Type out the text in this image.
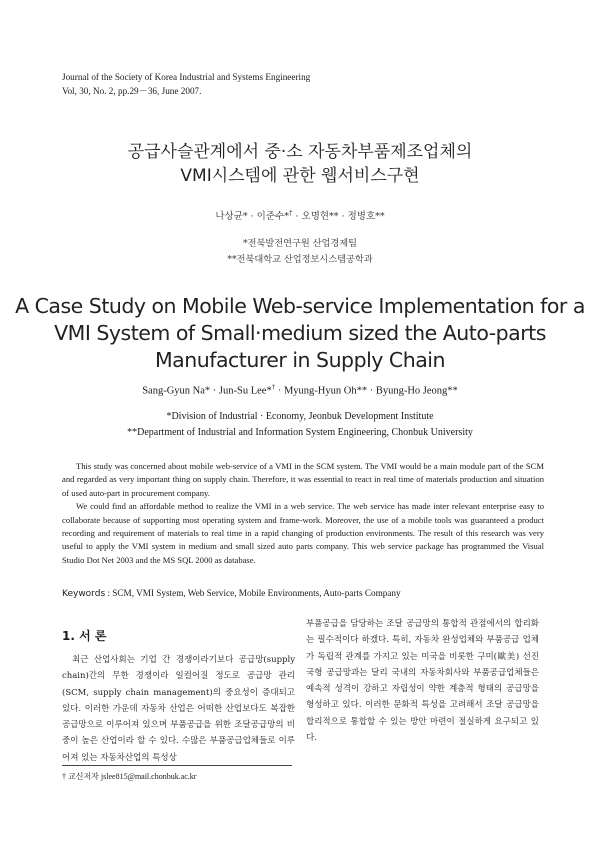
Journal of the Society of Korea Industrial and Systems Engineering
Vol, 30, No. 2, pp.29－36, June 2007.
공급사슬관계에서 중·소 자동차부품제조업체의
VMI시스템에 관한 웹서비스구현
나상균* · 이준수*† · 오명현** · 정병호**
*전북발전연구원 산업경제팀
**전북대학교 산업정보시스템공학과
A Case Study on Mobile Web-service Implementation for a
VMI System of Small·medium sized the Auto-parts
Manufacturer in Supply Chain
Sang-Gyun Na* · Jun-Su Lee*† · Myung-Hyun Oh** · Byung-Ho Jeong**
*Division of Industrial · Economy, Jeonbuk Development Institute
**Department of Industrial and Information System Engineering, Chonbuk University

This study was concerned about mobile web-service of a VMI in the SCM system. The VMI would be a main module part of the SCM and regarded as very important thing on supply chain. Therefore, it was essential to react in real time of materials production and situation of used auto-part in procurement company.

We could find an affordable method to realize the VMI in a web service. The web service has made inter relevant enterprise easy to collaborate because of supporting most operating system and frame-work. Moreover, the use of a mobile tools was guaranteed a product recording and requirement of materials to real time in a rapid changing of production environments. The result of this research was very useful to apply the VMI system in medium and small sized auto parts company. This web service package has programmed the Visual Studio Dot Net 2003 and the MS SQL 2000 as database.

Keywords : SCM, VMI System, Web Service, Mobile Environments, Auto-parts Company
1. 서 론
최근 산업사회는 기업 간 경쟁이라기보다 공급망(supply chain)간의 무한 경쟁이라 일컬어질 정도로 공급망 관리(SCM, supply chain management)의 중요성이 증대되고 있다. 이러한 가운데 자동차 산업은 어떠한 산업보다도 복잡한 공급망으로 이루어져 있으며 부품공급을 위한 조달공급망의 비중이 높은 산업이라 할 수 있다. 수많은 부품공급업체들로 이루어져 있는 자동차산업의 특성상
부품공급을 담당하는 조달 공급망의 통합적 관점에서의 합리화는 필수적이다 하겠다. 특히, 자동차 완성업체와 부품공급 업체가 독립적 관계를 가지고 있는 미국을 비롯한 구미(歐美) 선진국형 공급망과는 달리 국내의 자동차회사와 부품공급업체들은 예속적 성격이 강하고 자립성이 약한 계층적 형태의 공급망을 형성하고 있다. 이러한 문화적 특성을 고려해서 조달 공급망을 합리적으로 통합할 수 있는 방안 마련이 절실하게 요구되고 있다.
† 교신저자 jslee815@mail.chonbuk.ac.kr
